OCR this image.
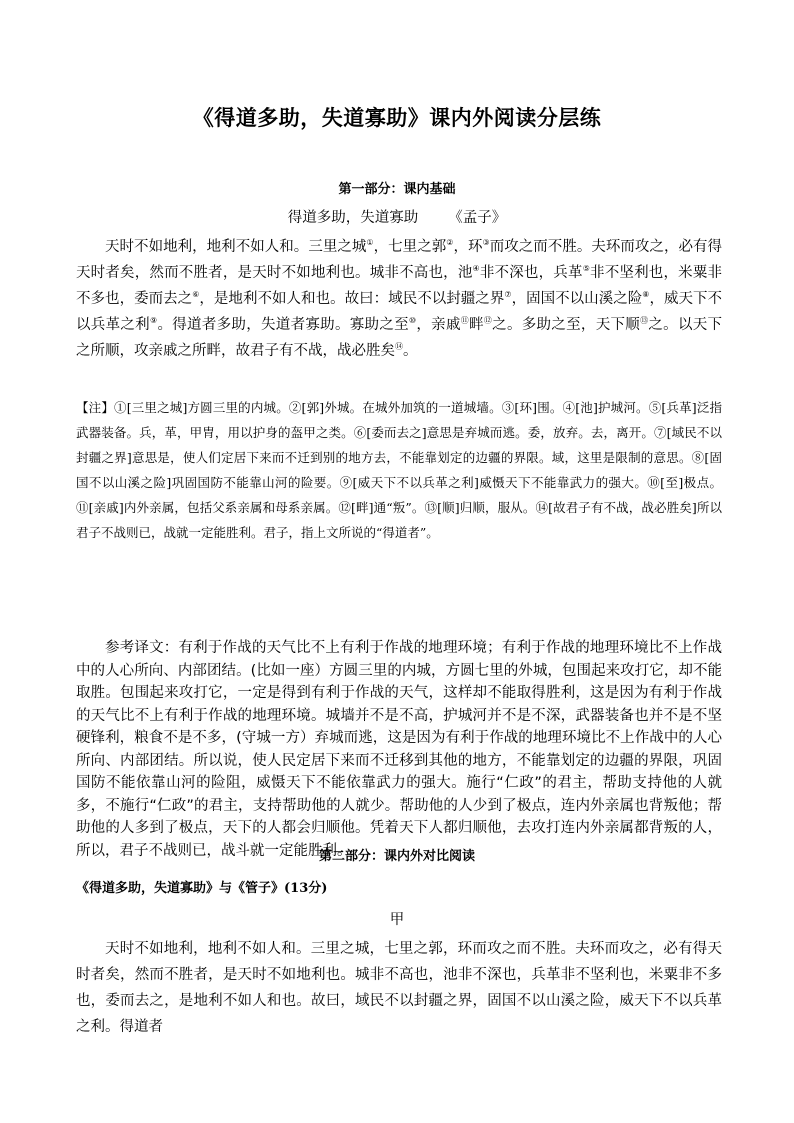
《得道多助，失道寡助》课内外阅读分层练
第一部分：课内基础
得道多助，失道寡助 《孟子》

天时不如地利，地利不如人和。三里之城①，七里之郭②，环③而攻之而不胜。夫环而攻之，必有得天时者矣，然而不胜者，是天时不如地利也。城非不高也，池④非不深也，兵革⑤非不坚利也，米粟非不多也，委而去之⑥，是地利不如人和也。故曰：域民不以封疆之界⑦，固国不以山溪之险⑧，威天下不以兵革之利⑨。得道者多助，失道者寡助。寡助之至⑩，亲戚⑪畔⑫之。多助之至，天下顺⑬之。以天下之所顺，攻亲戚之所畔，故君子有不战，战必胜矣⑭。

【注】①[三里之城]方圆三里的内城。②[郭]外城。在城外加筑的一道城墙。③[环]围。④[池]护城河。⑤[兵革]泛指武器装备。兵，革，甲胄，用以护身的盔甲之类。⑥[委而去之]意思是弃城而逃。委，放弃。去，离开。⑦[域民不以封疆之界]意思是，使人们定居下来而不迁到别的地方去，不能靠划定的边疆的界限。域，这里是限制的意思。⑧[固国不以山溪之险]巩固国防不能靠山河的险要。⑨[威天下不以兵革之利]威慑天下不能靠武力的强大。⑩[至]极点。⑪[亲戚]内外亲属，包括父系亲属和母系亲属。⑫[畔]通“叛”。⑬[顺]归顺，服从。⑭[故君子有不战，战必胜矣]所以君子不战则已，战就一定能胜利。君子，指上文所说的“得道者”。

参考译文：有利于作战的天气比不上有利于作战的地理环境；有利于作战的地理环境比不上作战中的人心所向、内部团结。(比如一座）方圆三里的内城，方圆七里的外城，包围起来攻打它，却不能取胜。包围起来攻打它，一定是得到有利于作战的天气，这样却不能取得胜利，这是因为有利于作战的天气比不上有利于作战的地理环境。城墙并不是不高，护城河并不是不深，武器装备也并不是不坚硬锋利，粮食不是不多，(守城一方）弃城而逃，这是因为有利于作战的地理环境比不上作战中的人心所向、内部团结。所以说，使人民定居下来而不迁移到其他的地方，不能靠划定的边疆的界限，巩固国防不能依靠山河的险阻，威慑天下不能依靠武力的强大。施行“仁政”的君主，帮助支持他的人就多，不施行“仁政”的君主，支持帮助他的人就少。帮助他的人少到了极点，连内外亲属也背叛他；帮助他的人多到了极点，天下的人都会归顺他。凭着天下人都归顺他，去攻打连内外亲属都背叛的人，所以，君子不战则已，战斗就一定能胜利。

第二部分：课内外对比阅读
《得道多助，失道寡助》与《管子》(13分)
甲

天时不如地利，地利不如人和。三里之城，七里之郭，环而攻之而不胜。夫环而攻之，必有得天时者矣，然而不胜者，是天时不如地利也。城非不高也，池非不深也，兵革非不坚利也，米粟非不多也，委而去之，是地利不如人和也。故曰，域民不以封疆之界，固国不以山溪之险，威天下不以兵革之利。得道者
